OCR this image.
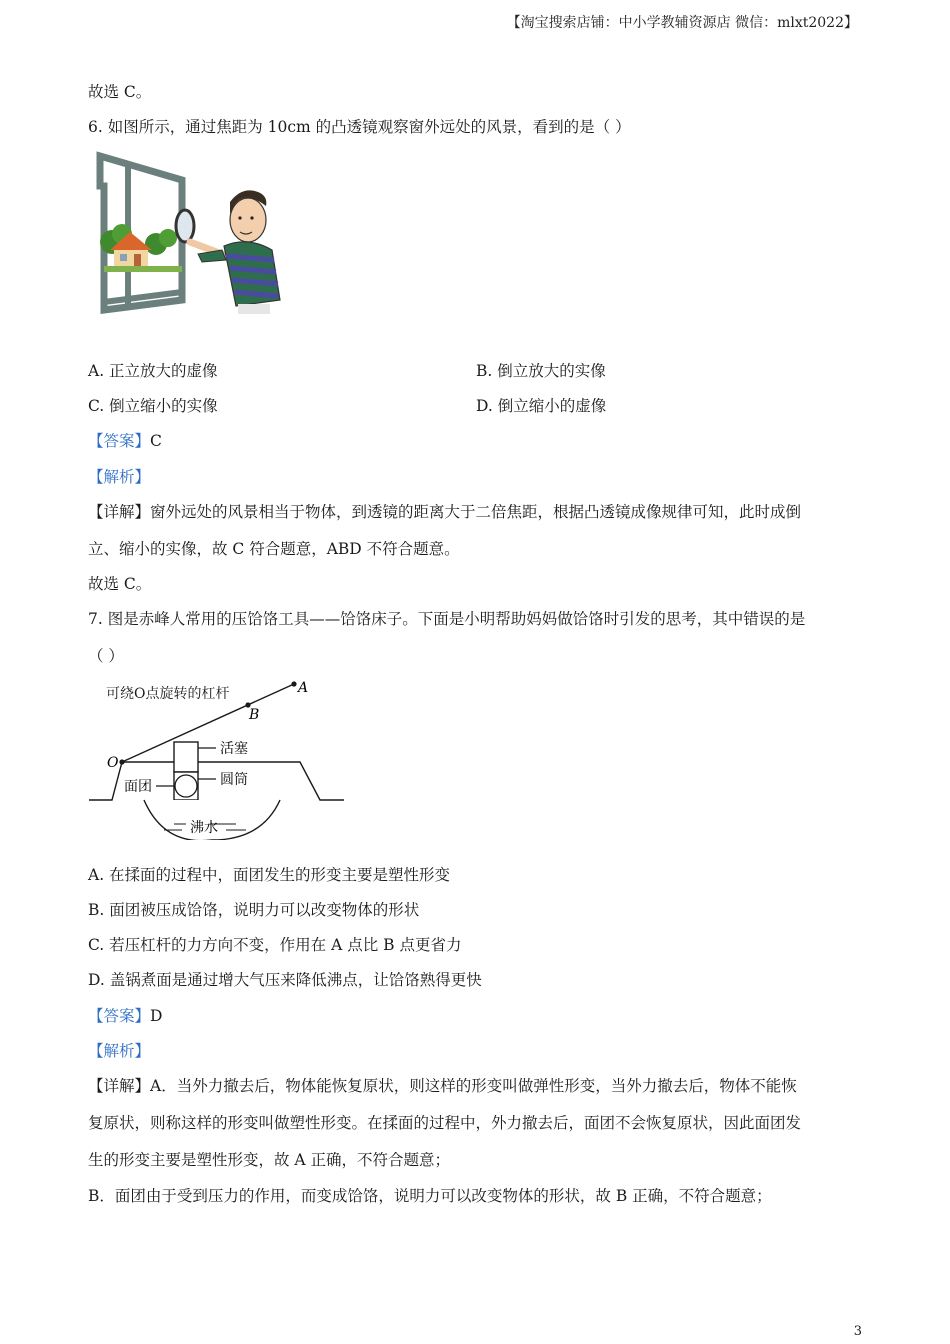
【淘宝搜索店铺：中小学教辅资源店 微信：mlxt2022】
故选 C。
6. 如图所示，通过焦距为 10cm 的凸透镜观察窗外远处的风景，看到的是（ ）
A. 正立放大的虚像	B. 倒立放大的实像
C. 倒立缩小的实像	D. 倒立缩小的虚像
【答案】C
【解析】
【详解】窗外远处的风景相当于物体，到透镜的距离大于二倍焦距，根据凸透镜成像规律可知，此时成倒
立、缩小的实像，故 C 符合题意，ABD 不符合题意。
故选 C。
7. 图是赤峰人常用的压饸饹工具——饸饹床子。下面是小明帮助妈妈做饸饹时引发的思考，其中错误的是
（ ）
可绕O点旋转的杠杆	A
B
O
活塞
圆筒
面团
沸水
A. 在揉面的过程中，面团发生的形变主要是塑性形变
B. 面团被压成饸饹，说明力可以改变物体的形状
C. 若压杠杆的力方向不变，作用在 A 点比 B 点更省力
D. 盖锅煮面是通过增大气压来降低沸点，让饸饹熟得更快
【答案】D
【解析】
【详解】A．当外力撤去后，物体能恢复原状，则这样的形变叫做弹性形变，当外力撤去后，物体不能恢
复原状，则称这样的形变叫做塑性形变。在揉面的过程中，外力撤去后，面团不会恢复原状，因此面团发
生的形变主要是塑性形变，故 A 正确，不符合题意；
B．面团由于受到压力的作用，而变成饸饹，说明力可以改变物体的形状，故 B 正确，不符合题意；
3
